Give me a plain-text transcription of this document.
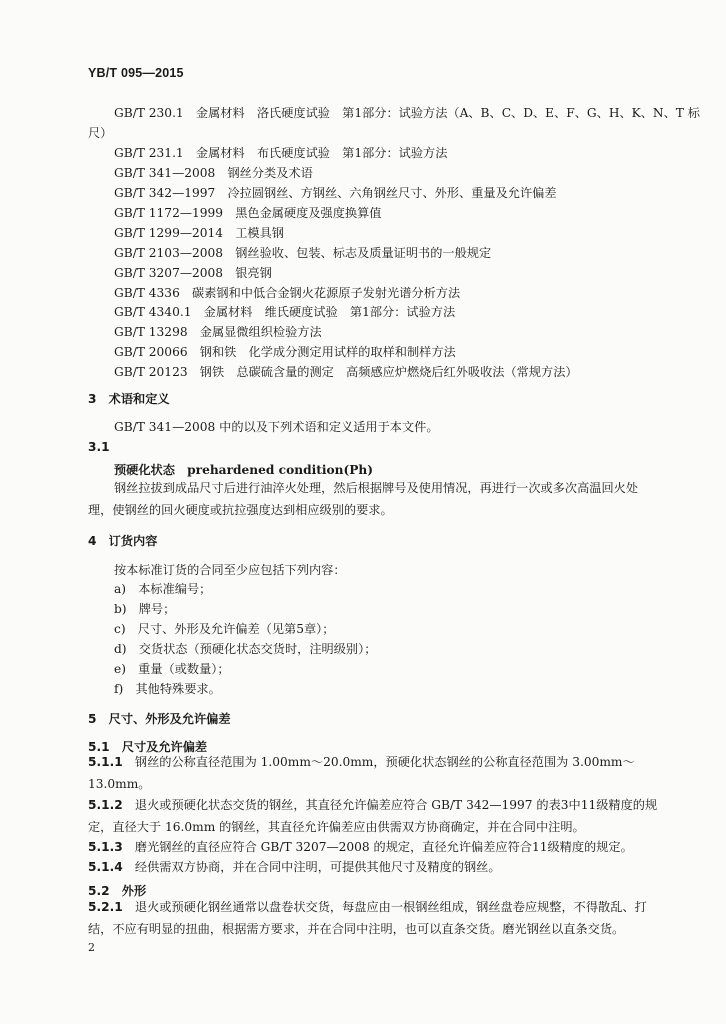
YB/T 095—2015
GB/T 230.1　金属材料　洛氏硬度试验　第1部分：试验方法（A、B、C、D、E、F、G、H、K、N、T 标
尺）
GB/T 231.1　金属材料　布氏硬度试验　第1部分：试验方法
GB/T 341—2008　钢丝分类及术语
GB/T 342—1997　冷拉圆钢丝、方钢丝、六角钢丝尺寸、外形、重量及允许偏差
GB/T 1172—1999　黑色金属硬度及强度换算值
GB/T 1299—2014　工模具钢
GB/T 2103—2008　钢丝验收、包装、标志及质量证明书的一般规定
GB/T 3207—2008　银亮钢
GB/T 4336　碳素钢和中低合金钢火花源原子发射光谱分析方法
GB/T 4340.1　金属材料　维氏硬度试验　第1部分：试验方法
GB/T 13298　金属显微组织检验方法
GB/T 20066　钢和铁　化学成分测定用试样的取样和制样方法
GB/T 20123　钢铁　总碳硫含量的测定　高频感应炉燃烧后红外吸收法（常规方法）
3　术语和定义
GB/T 341—2008 中的以及下列术语和定义适用于本文件。
3.1
预硬化状态　prehardened condition(Ph)
钢丝拉拔到成品尺寸后进行油淬火处理，然后根据牌号及使用情况，再进行一次或多次高温回火处理，使钢丝的回火硬度或抗拉强度达到相应级别的要求。
4　订货内容
按本标准订货的合同至少应包括下列内容：
a)　本标准编号；
b)　牌号；
c)　尺寸、外形及允许偏差（见第5章）；
d)　交货状态（预硬化状态交货时，注明级别）；
e)　重量（或数量）；
f)　其他特殊要求。
5　尺寸、外形及允许偏差
5.1　尺寸及允许偏差
5.1.1　 钢丝的公称直径范围为 1.00mm～20.0mm，预硬化状态钢丝的公称直径范围为 3.00mm～13.0mm。
5.1.2　 退火或预硬化状态交货的钢丝，其直径允许偏差应符合 GB/T 342—1997 的表3中11级精度的规定，直径大于 16.0mm 的钢丝，其直径允许偏差应由供需双方协商确定，并在合同中注明。
5.1.3　 磨光钢丝的直径应符合 GB/T 3207—2008 的规定，直径允许偏差应符合11级精度的规定。
5.1.4　 经供需双方协商，并在合同中注明，可提供其他尺寸及精度的钢丝。
5.2　外形
5.2.1　 退火或预硬化钢丝通常以盘卷状交货，每盘应由一根钢丝组成，钢丝盘卷应规整，不得散乱、打结，不应有明显的扭曲，根据需方要求，并在合同中注明，也可以直条交货。磨光钢丝以直条交货。
2
